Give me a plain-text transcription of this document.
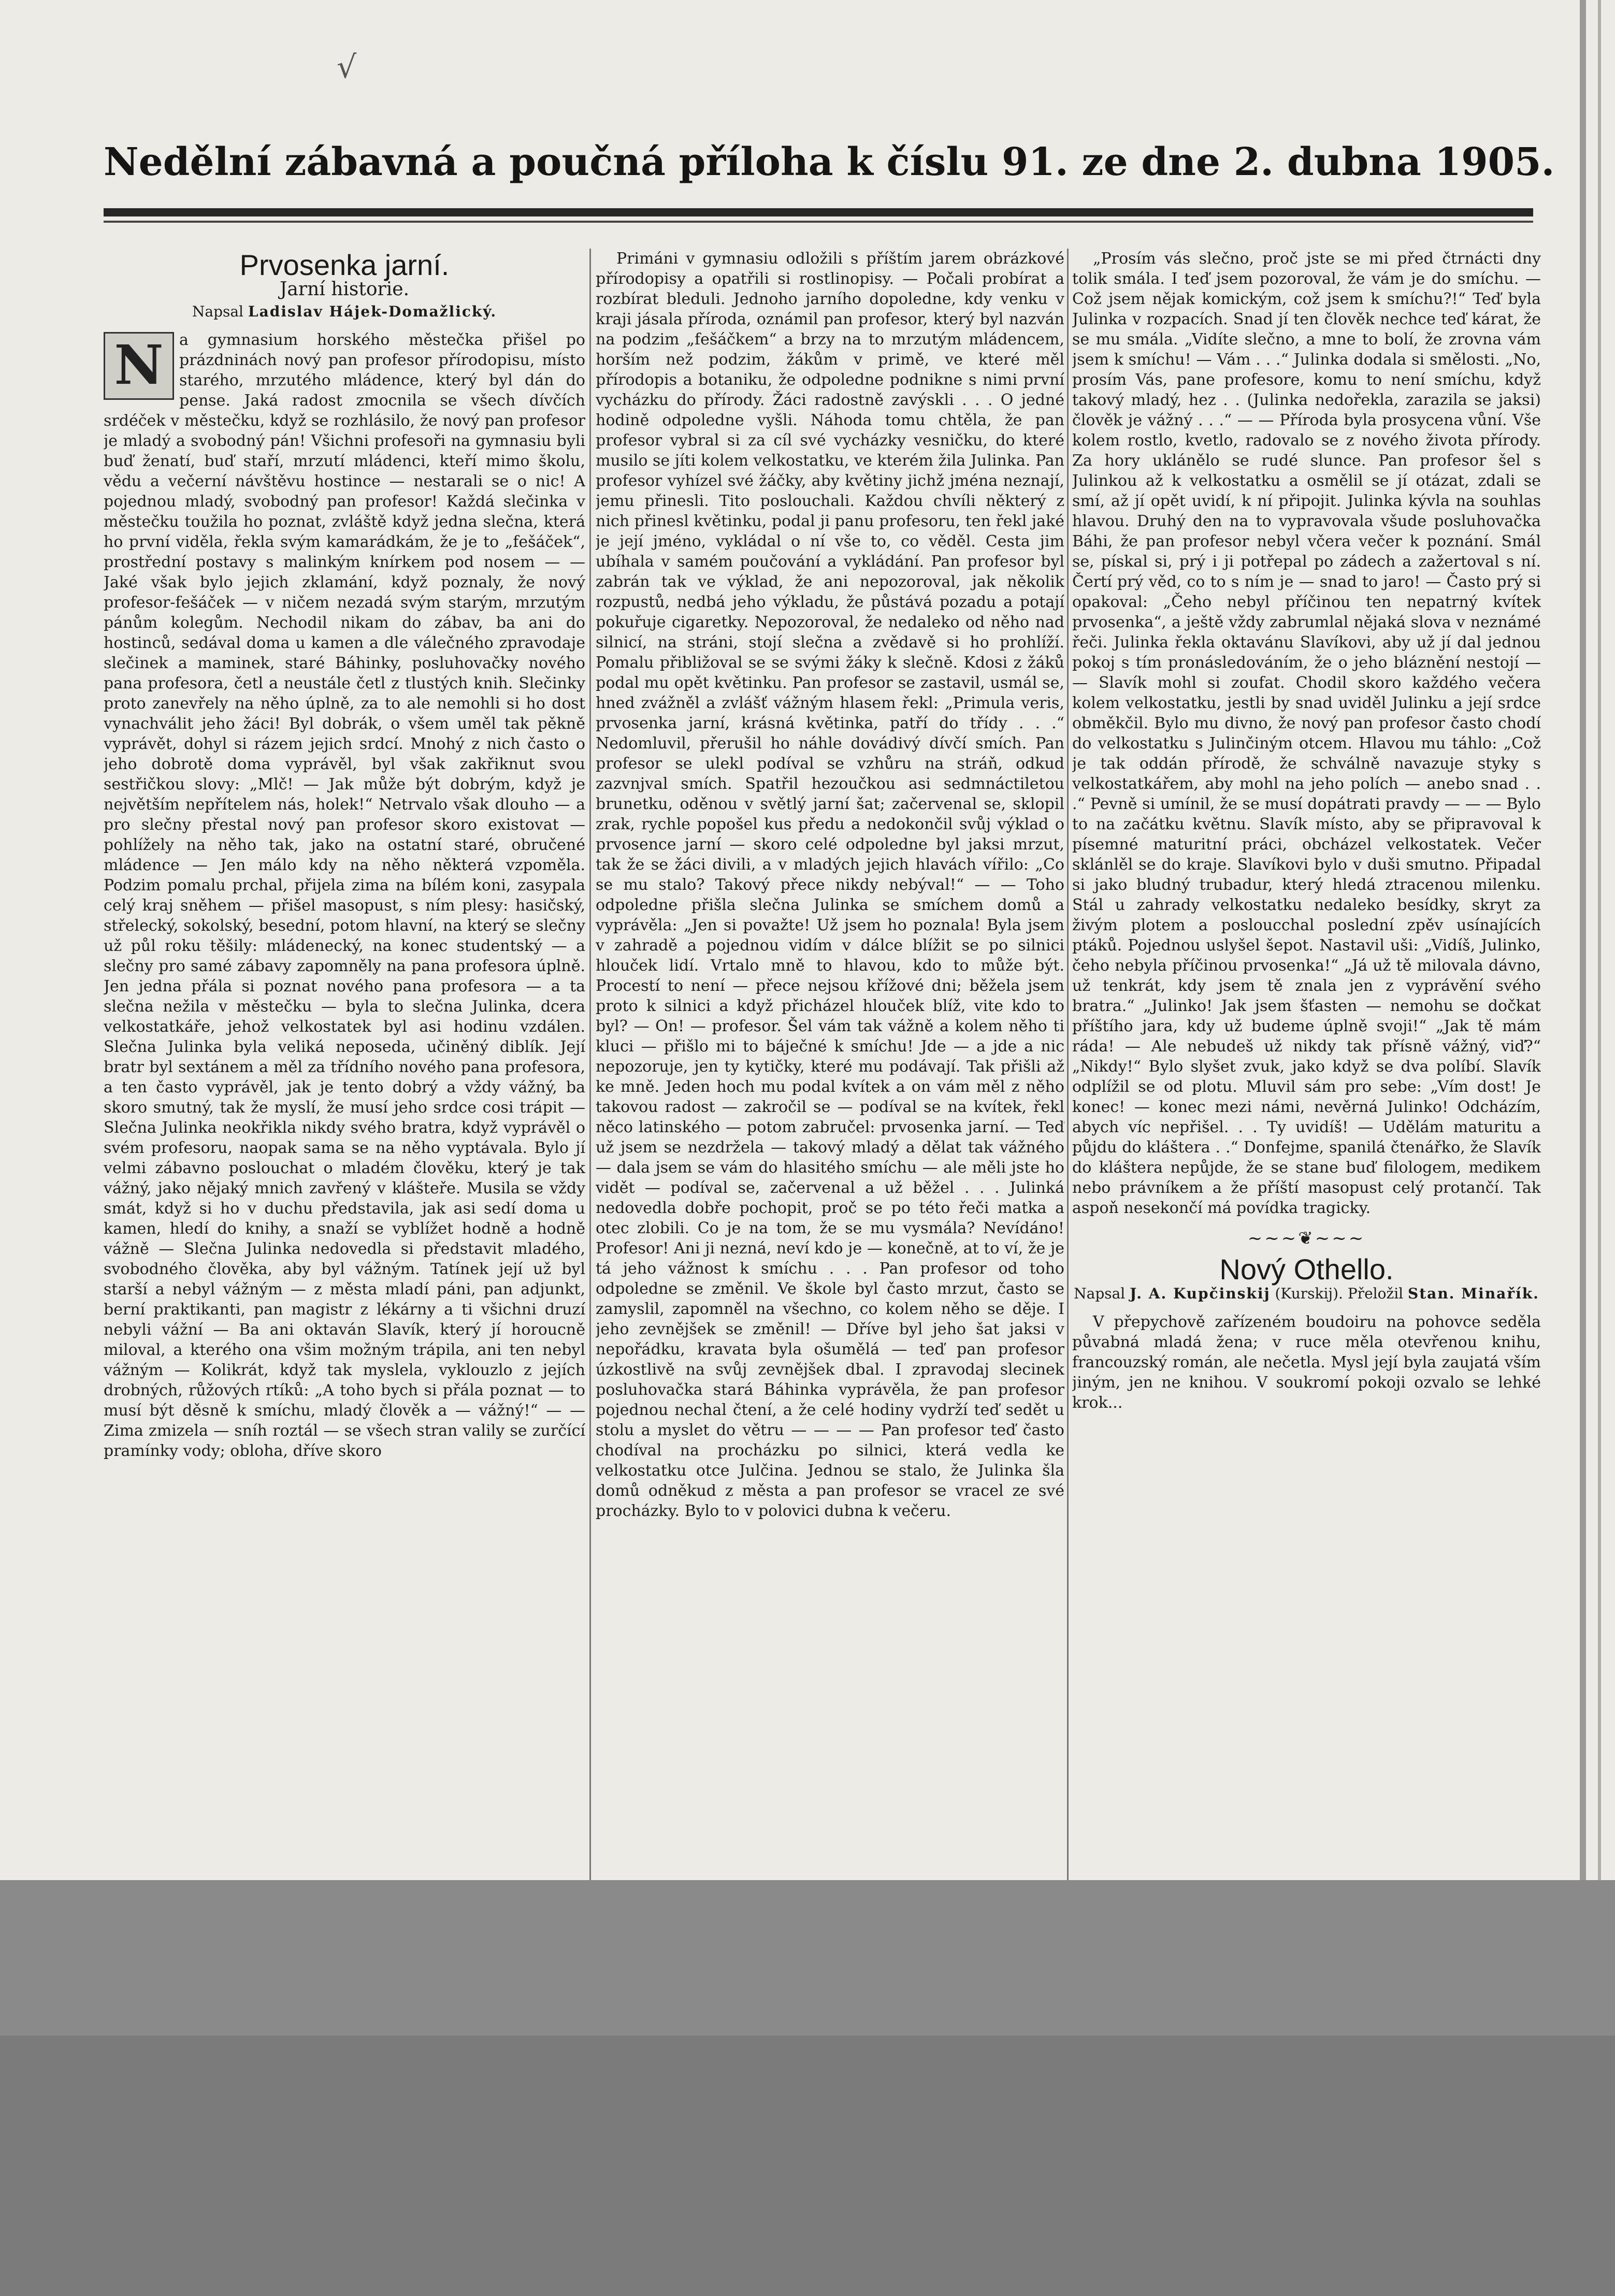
√
Nedělní zábavná a poučná příloha k číslu 91. ze dne 2. dubna 1905.
Prvosenka jarní.
Jarní historie.
Napsal Ladislav Hájek-Domažlický.
N	a gymnasium horského městečka přišel po prázdninách nový pan profesor přírodopisu, místo starého, mrzutého mládence, který byl dán do pense. Jaká radost zmocnila se všech dívčích srdéček v městečku, když se rozhlásilo, že nový pan profesor je mladý a svobodný pán! Všichni profesoři na gymnasiu byli buď ženatí, buď staří, mrzutí mládenci, kteří mimo školu, vědu a večerní návštěvu hostince — nestarali se o nic! A pojednou mladý, svobodný pan profesor! Každá slečinka v městečku toužila ho poznat, zvláště když jedna slečna, která ho první viděla, řekla svým kamarádkám, že je to „fešáček“, prostřední postavy s malinkým knírkem pod nosem — — Jaké však bylo jejich zklamání, když poznaly, že nový profesor-fešáček — v ničem nezadá svým starým, mrzutým pánům kolegům. Nechodil nikam do zábav, ba ani do hostinců, sedával doma u kamen a dle válečného zpravodaje slečinek a maminek, staré Báhinky, posluhovačky nového pana profesora, četl a neustále četl z tlustých knih. Slečinky proto zanevřely na něho úplně, za to ale nemohli si ho dost vynachválit jeho žáci! Byl dobrák, o všem uměl tak pěkně vyprávět, dohyl si rázem jejich srdcí. Mnohý z nich často o jeho dobrotě doma vyprávěl, byl však zakřiknut svou sestřičkou slovy: „Mlč! — Jak může být dobrým, když je největším nepřítelem nás, holek!“ Netrvalo však dlouho — a pro slečny přestal nový pan profesor skoro existovat — pohlížely na něho tak, jako na ostatní staré, obručené mládence — Jen málo kdy na něho některá vzpoměla. Podzim pomalu prchal, přijela zima na bílém koni, zasypala celý kraj sněhem — přišel masopust, s ním plesy: hasičský, střelecký, sokolský, besední, potom hlavní, na který se slečny už půl roku těšily: mládenecký, na konec studentský — a slečny pro samé zábavy zapomněly na pana profesora úplně. Jen jedna přála si poznat nového pana profesora — a ta slečna nežila v městečku — byla to slečna Julinka, dcera velkostatkáře, jehož velkostatek byl asi hodinu vzdálen. Slečna Julinka byla veliká neposeda, učiněný diblík. Její bratr byl sextánem a měl za třídního nového pana profesora, a ten často vyprávěl, jak je tento dobrý a vždy vážný, ba skoro smutný, tak že myslí, že musí jeho srdce cosi trápit — Slečna Julinka neokřikla nikdy svého bratra, když vyprávěl o svém profesoru, naopak sama se na něho vyptávala. Bylo jí velmi zábavno poslouchat o mladém člověku, který je tak vážný, jako nějaký mnich zavřený v klášteře. Musila se vždy smát, když si ho v duchu představila, jak asi sedí doma u kamen, hledí do knihy, a snaží se vyblížet hodně a hodně vážně — Slečna Julinka nedovedla si představit mladého, svobodného člověka, aby byl vážným. Tatínek její už byl starší a nebyl vážným — z města mladí páni, pan adjunkt, berní praktikanti, pan magistr z lékárny a ti všichni druzí nebyli vážní — Ba ani oktaván Slavík, který jí horoucně miloval, a kterého ona všim možným trápila, ani ten nebyl vážným — Kolikrát, když tak myslela, vyklouzlo z jejích drobných, růžových rtíků: „A toho bych si přála poznat — to musí být děsně k smíchu, mladý člověk a — vážný!“ — — Zima zmizela — sníh roztál — se všech stran valily se zurčící pramínky vody; obloha, dříve skoro

Primáni v gymnasiu odložili s příštím jarem obrázkové přírodopisy a opatřili si rostlinopisy. — Počali probírat a rozbírat bleduli. Jednoho jarního dopoledne, kdy venku v kraji jásala příroda, oznámil pan profesor, který byl nazván na podzim „fešáčkem“ a brzy na to mrzutým mládencem, horším než podzim, žákům v primě, ve které měl přírodopis a botaniku, že odpoledne podnikne s nimi první vycházku do přírody. Žáci radostně zavýskli . . . O jedné hodině odpoledne vyšli. Náhoda tomu chtěla, že pan profesor vybral si za cíl své vycházky vesničku, do které musilo se jíti kolem velkostatku, ve kterém žila Julinka. Pan profesor vyhízel své žáčky, aby květiny jichž jména neznají, jemu přinesli. Tito poslouchali. Každou chvíli některý z nich přinesl květinku, podal ji panu profesoru, ten řekl jaké je její jméno, vykládal o ní vše to, co věděl. Cesta jim ubíhala v samém poučování a vykládání. Pan profesor byl zabrán tak ve výklad, že ani nepozoroval, jak několik rozpustů, nedbá jeho výkladu, že půstává pozadu a potají pokuřuje cigaretky. Nepozoroval, že nedaleko od něho nad silnicí, na stráni, stojí slečna a zvědavě si ho prohlíží. Pomalu přibližoval se se svými žáky k slečně. Kdosi z žáků podal mu opět květinku. Pan profesor se zastavil, usmál se, hned zvážněl a zvlášť vážným hlasem řekl: „Primula veris, prvosenka jarní, krásná květinka, patří do třídy . . .“ Nedomluvil, přerušil ho náhle dovádivý dívčí smích. Pan profesor se ulekl podíval se vzhůru na stráň, odkud zazvnjval smích. Spatřil hezoučkou asi sedmnáctiletou brunetku, oděnou v světlý jarní šat; začervenal se, sklopil zrak, rychle popošel kus předu a nedokončil svůj výklad o prvosence jarní — skoro celé odpoledne byl jaksi mrzut, tak že se žáci divili, a v mladých jejich hlavách vířilo: „Co se mu stalo? Takový přece nikdy nebýval!“ — — Toho odpoledne přišla slečna Julinka se smíchem domů a vyprávěla: „Jen si považte! Už jsem ho poznala! Byla jsem v zahradě a pojednou vidím v dálce blížit se po silnici hlouček lidí. Vrtalo mně to hlavou, kdo to může být. Procestí to není — přece nejsou křížové dni; běžela jsem proto k silnici a když přicházel hlouček blíž, vite kdo to byl? — On! — profesor. Šel vám tak vážně a kolem něho ti kluci — přišlo mi to báječné k smíchu! Jde — a jde a nic nepozoruje, jen ty kytičky, které mu podávají. Tak přišli až ke mně. Jeden hoch mu podal kvítek a on vám měl z něho takovou radost — zakročil se — podíval se na kvítek, řekl něco latinského — potom zabručel: prvosenka jarní. — Teď už jsem se nezdržela — takový mladý a dělat tak vážného — dala jsem se vám do hlasitého smíchu — ale měli jste ho vidět — podíval se, začervenal a už běžel . . . Julinká nedovedla dobře pochopit, proč se po této řeči matka a otec zlobili. Co je na tom, že se mu vysmála? Nevídáno! Profesor! Ani ji nezná, neví kdo je — konečně, at to ví, že je tá jeho vážnost k smíchu . . . Pan profesor od toho odpoledne se změnil. Ve škole byl často mrzut, často se zamyslil, zapomněl na všechno, co kolem něho se děje. I jeho zevnějšek se změnil! — Dříve byl jeho šat jaksi v nepořádku, kravata byla ošumělá — teď pan profesor úzkostlivě na svůj zevnějšek dbal. I zpravodaj slecinek posluhovačka stará Báhinka vyprávěla, že pan profesor pojednou nechal čtení, a že celé hodiny vydrží teď sedět u stolu a myslet do větru — — — — Pan profesor teď často chodíval na procházku po silnici, která vedla ke velkostatku otce Julčina. Jednou se stalo, že Julinka šla domů odněkud z města a pan profesor se vracel ze své procházky. Bylo to v polovici dubna k večeru.

„Prosím vás slečno, proč jste se mi před čtrnácti dny tolik smála. I teď jsem pozoroval, že vám je do smíchu. — Což jsem nějak komickým, což jsem k smíchu?!“ Teď byla Julinka v rozpacích. Snad jí ten člověk nechce teď kárat, že se mu smála. „Vidíte slečno, a mne to bolí, že zrovna vám jsem k smíchu! — Vám . . .“ Julinka dodala si smělosti. „No, prosím Vás, pane profesore, komu to není smíchu, když takový mladý, hez . . (Julinka nedořekla, zarazila se jaksi) člověk je vážný . . .“ — — Příroda byla prosycena vůní. Vše kolem rostlo, kvetlo, radovalo se z nového života přírody. Za hory uklánělo se rudé slunce. Pan profesor šel s Julinkou až k velkostatku a osmělil se jí otázat, zdali se smí, až jí opět uvidí, k ní připojit. Julinka kývla na souhlas hlavou. Druhý den na to vypravovala všude posluhovačka Báhi, že pan profesor nebyl včera večer k poznání. Smál se, pískal si, prý i ji potřepal po zádech a zažertoval s ní. Čertí prý věd, co to s ním je — snad to jaro! — Často prý si opakoval: „Čeho nebyl příčinou ten nepatrný kvítek prvosenka“, a ještě vždy zabrumlal nějaká slova v neznámé řeči. Julinka řekla oktavánu Slavíkovi, aby už jí dal jednou pokoj s tím pronásledováním, že o jeho bláznění nestojí — — Slavík mohl si zoufat. Chodil skoro každého večera kolem velkostatku, jestli by snad uviděl Julinku a její srdce obměkčil. Bylo mu divno, že nový pan profesor často chodí do velkostatku s Julinčiným otcem. Hlavou mu táhlo: „Což je tak oddán přírodě, že schválně navazuje styky s velkostatkářem, aby mohl na jeho polích — anebo snad . . .“ Pevně si umínil, že se musí dopátrati pravdy — — — Bylo to na začátku květnu. Slavík místo, aby se připravoval k písemné maturitní práci, obcházel velkostatek. Večer sklánlěl se do kraje. Slavíkovi bylo v duši smutno. Připadal si jako bludný trubadur, který hledá ztracenou milenku. Stál u zahrady velkostatku nedaleko besídky, skryt za živým plotem a posloucchal poslední zpěv usínajících ptáků. Pojednou uslyšel šepot. Nastavil uši: „Vidíš, Julinko, čeho nebyla příčinou prvosenka!“ „Já už tě milovala dávno, už tenkrát, kdy jsem tě znala jen z vyprávění svého bratra.“ „Julinko! Jak jsem šťasten — nemohu se dočkat příštího jara, kdy už budeme úplně svoji!“ „Jak tě mám ráda! — Ale nebudeš už nikdy tak přísně vážný, viď?“ „Nikdy!“ Bylo slyšet zvuk, jako když se dva políbí. Slavík odplížil se od plotu. Mluvil sám pro sebe: „Vím dost! Je konec! — konec mezi námi, nevěrná Julinko! Odcházím, abych víc nepřišel. . . Ty uvidíš! — Udělám maturitu a půjdu do kláštera . .“ Donfejme, spanilá čtenářko, že Slavík do kláštera nepůjde, že se stane buď filologem, medikem nebo právníkem a že příští masopust celý protančí. Tak aspoň nesekončí má povídka tragicky.

~~~❦~~~
Nový Othello.
Napsal J. A. Kupčinskij (Kurskij). Přeložil Stan. Minařík.

V přepychově zařízeném boudoiru na pohovce seděla půvabná mladá žena; v ruce měla otevřenou knihu, francouzský román, ale nečetla. Mysl její byla zaujatá vším jiným, jen ne knihou. V soukromí pokoji ozvalo se lehké krok...
